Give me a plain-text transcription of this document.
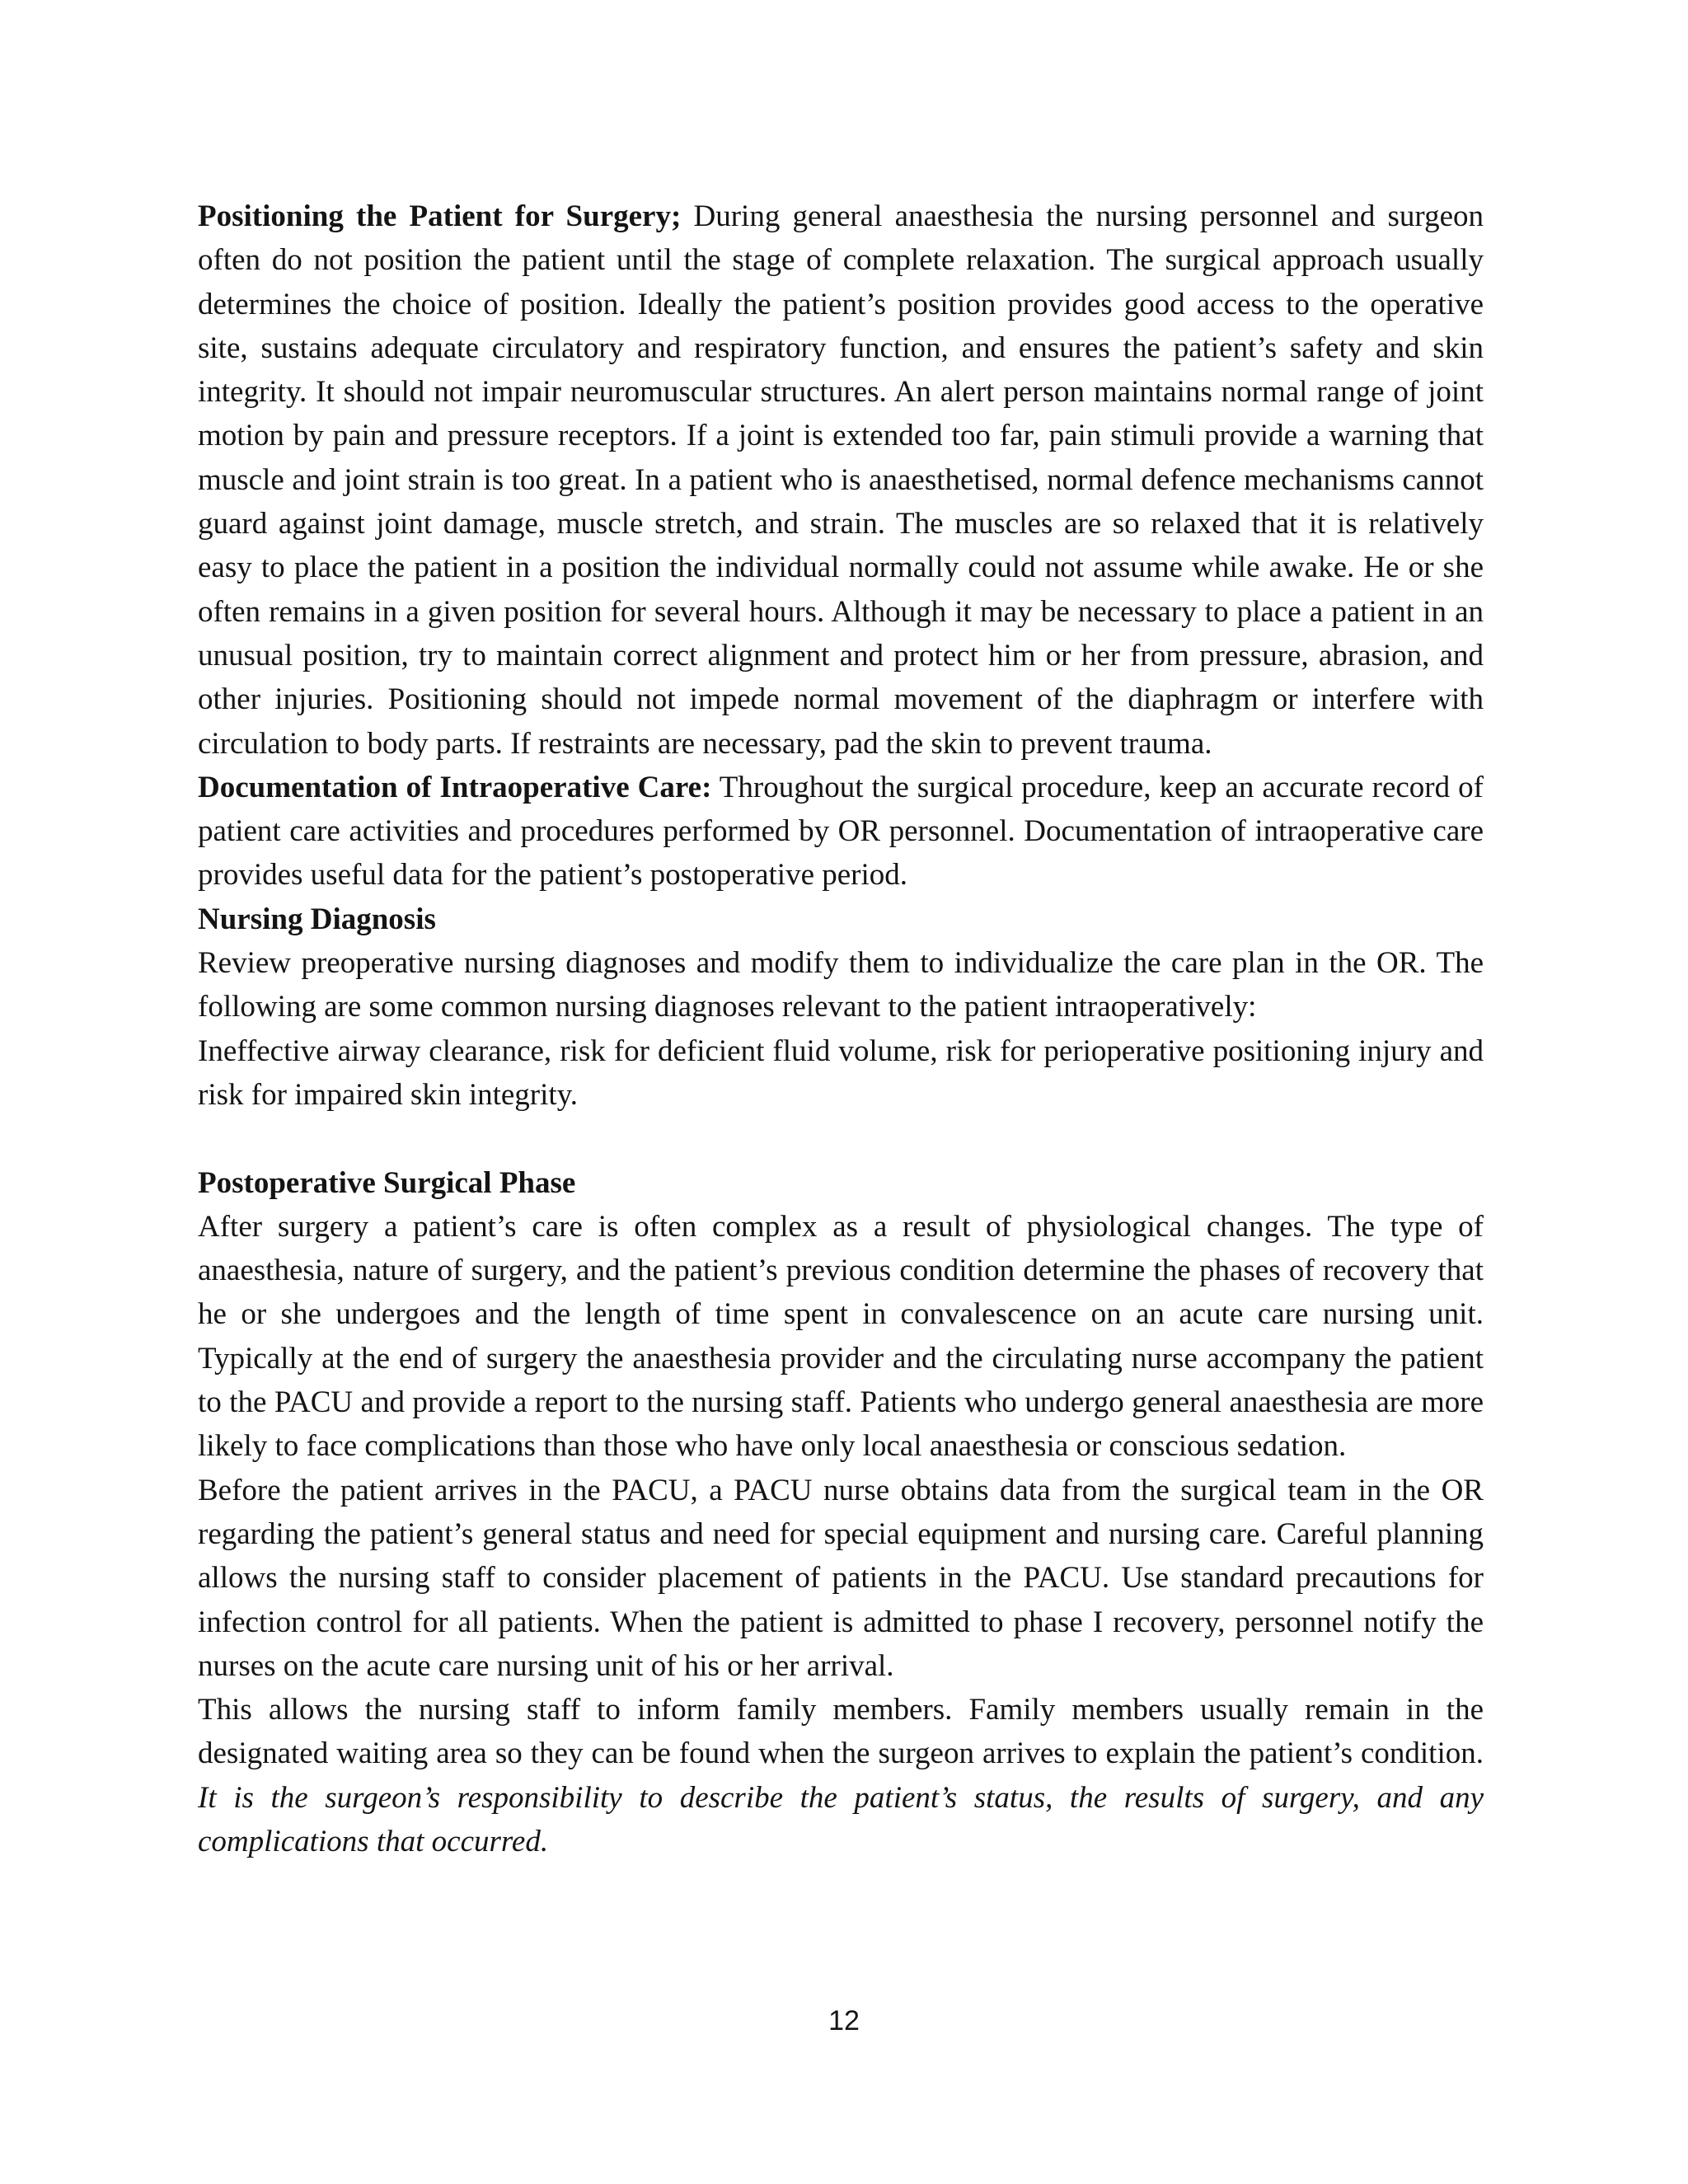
Positioning the Patient for Surgery; During general anaesthesia the nursing personnel and surgeon often do not position the patient until the stage of complete relaxation. The surgical approach usually determines the choice of position. Ideally the patient’s position provides good access to the operative site, sustains adequate circulatory and respiratory function, and ensures the patient’s safety and skin integrity. It should not impair neuromuscular structures. An alert person maintains normal range of joint motion by pain and pressure receptors. If a joint is extended too far, pain stimuli provide a warning that muscle and joint strain is too great. In a patient who is anaesthetised, normal defence mechanisms cannot guard against joint damage, muscle stretch, and strain. The muscles are so relaxed that it is relatively easy to place the patient in a position the individual normally could not assume while awake. He or she often remains in a given position for several hours. Although it may be necessary to place a patient in an unusual position, try to maintain correct alignment and protect him or her from pressure, abrasion, and other injuries. Positioning should not impede normal movement of the diaphragm or interfere with circulation to body parts. If restraints are necessary, pad the skin to prevent trauma.

Documentation of Intraoperative Care: Throughout the surgical procedure, keep an accurate record of patient care activities and procedures performed by OR personnel. Documentation of intraoperative care provides useful data for the patient’s postoperative period.

Nursing Diagnosis

Review preoperative nursing diagnoses and modify them to individualize the care plan in the OR. The following are some common nursing diagnoses relevant to the patient intraoperatively:

Ineffective airway clearance, risk for deficient fluid volume, risk for perioperative positioning injury and risk for impaired skin integrity.

Postoperative Surgical Phase

After surgery a patient’s care is often complex as a result of physiological changes. The type of anaesthesia, nature of surgery, and the patient’s previous condition determine the phases of recovery that he or she undergoes and the length of time spent in convalescence on an acute care nursing unit. Typically at the end of surgery the anaesthesia provider and the circulating nurse accompany the patient to the PACU and provide a report to the nursing staff. Patients who undergo general anaesthesia are more likely to face complications than those who have only local anaesthesia or conscious sedation.

Before the patient arrives in the PACU, a PACU nurse obtains data from the surgical team in the OR regarding the patient’s general status and need for special equipment and nursing care. Careful planning allows the nursing staff to consider placement of patients in the PACU. Use standard precautions for infection control for all patients. When the patient is admitted to phase I recovery, personnel notify the nurses on the acute care nursing unit of his or her arrival.

This allows the nursing staff to inform family members. Family members usually remain in the designated waiting area so they can be found when the surgeon arrives to explain the patient’s condition. It is the surgeon’s responsibility to describe the patient’s status, the results of surgery, and any complications that occurred.

12
